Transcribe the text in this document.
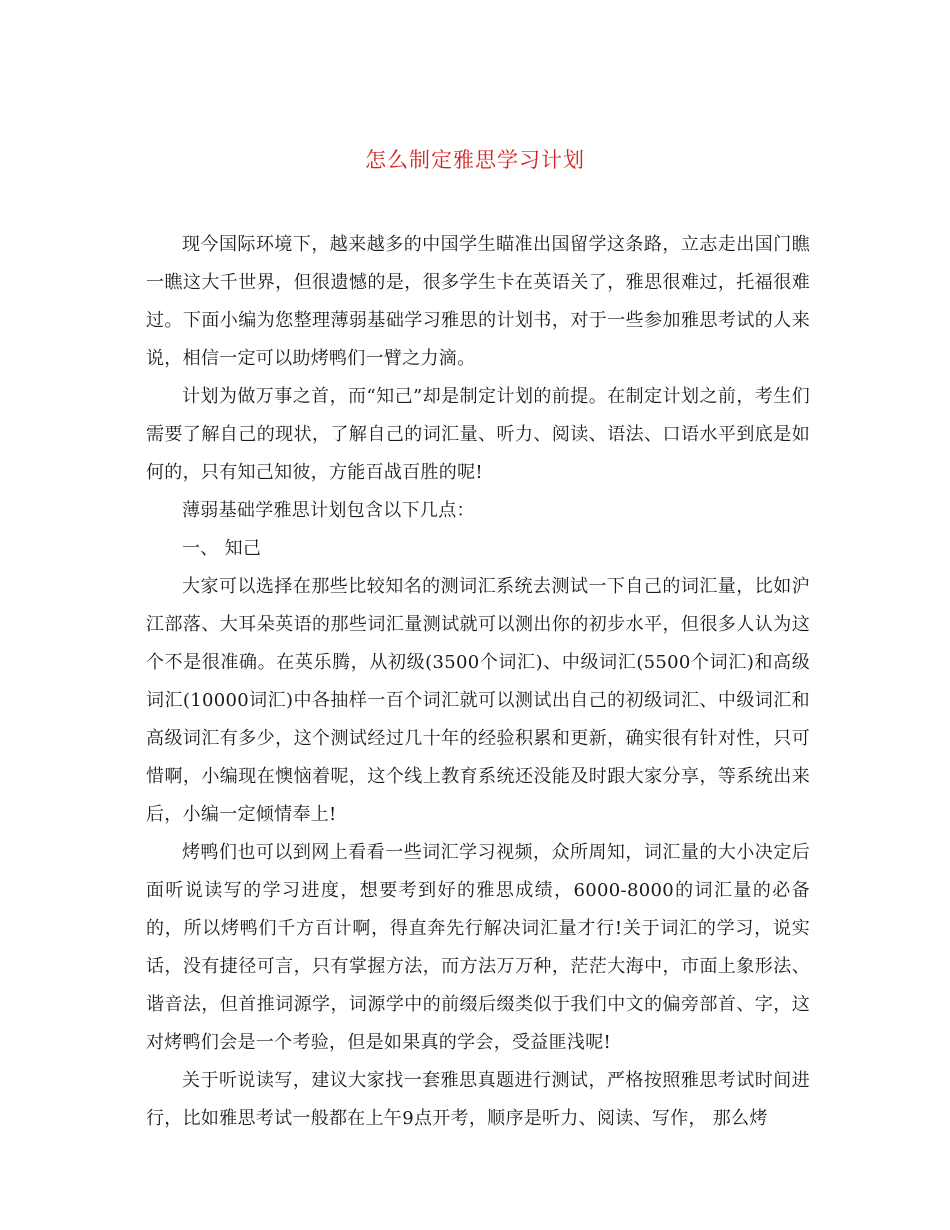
怎么制定雅思学习计划

现今国际环境下，越来越多的中国学生瞄准出国留学这条路，立志走出国门瞧一瞧这大千世界，但很遗憾的是，很多学生卡在英语关了，雅思很难过，托福很难过。下面小编为您整理薄弱基础学习雅思的计划书，对于一些参加雅思考试的人来说，相信一定可以助烤鸭们一臂之力滴。

计划为做万事之首，而“知己”却是制定计划的前提。在制定计划之前，考生们需要了解自己的现状，了解自己的词汇量、听力、阅读、语法、口语水平到底是如何的，只有知己知彼，方能百战百胜的呢!

薄弱基础学雅思计划包含以下几点：

一、 知己

大家可以选择在那些比较知名的测词汇系统去测试一下自己的词汇量，比如沪江部落、大耳朵英语的那些词汇量测试就可以测出你的初步水平，但很多人认为这个不是很准确。在英乐腾，从初级(3500个词汇)、中级词汇(5500个词汇)和高级词汇(10000词汇)中各抽样一百个词汇就可以测试出自己的初级词汇、中级词汇和高级词汇有多少，这个测试经过几十年的经验积累和更新，确实很有针对性，只可惜啊，小编现在懊恼着呢，这个线上教育系统还没能及时跟大家分享，等系统出来后，小编一定倾情奉上!

烤鸭们也可以到网上看看一些词汇学习视频，众所周知，词汇量的大小决定后面听说读写的学习进度，想要考到好的雅思成绩，6000-8000的词汇量的必备的，所以烤鸭们千方百计啊，得直奔先行解决词汇量才行!关于词汇的学习，说实话，没有捷径可言，只有掌握方法，而方法万万种，茫茫大海中，市面上象形法、谐音法，但首推词源学，词源学中的前缀后缀类似于我们中文的偏旁部首、字，这对烤鸭们会是一个考验，但是如果真的学会，受益匪浅呢!

关于听说读写，建议大家找一套雅思真题进行测试，严格按照雅思考试时间进行，比如雅思考试一般都在上午9点开考，顺序是听力、阅读、写作， 那么烤
